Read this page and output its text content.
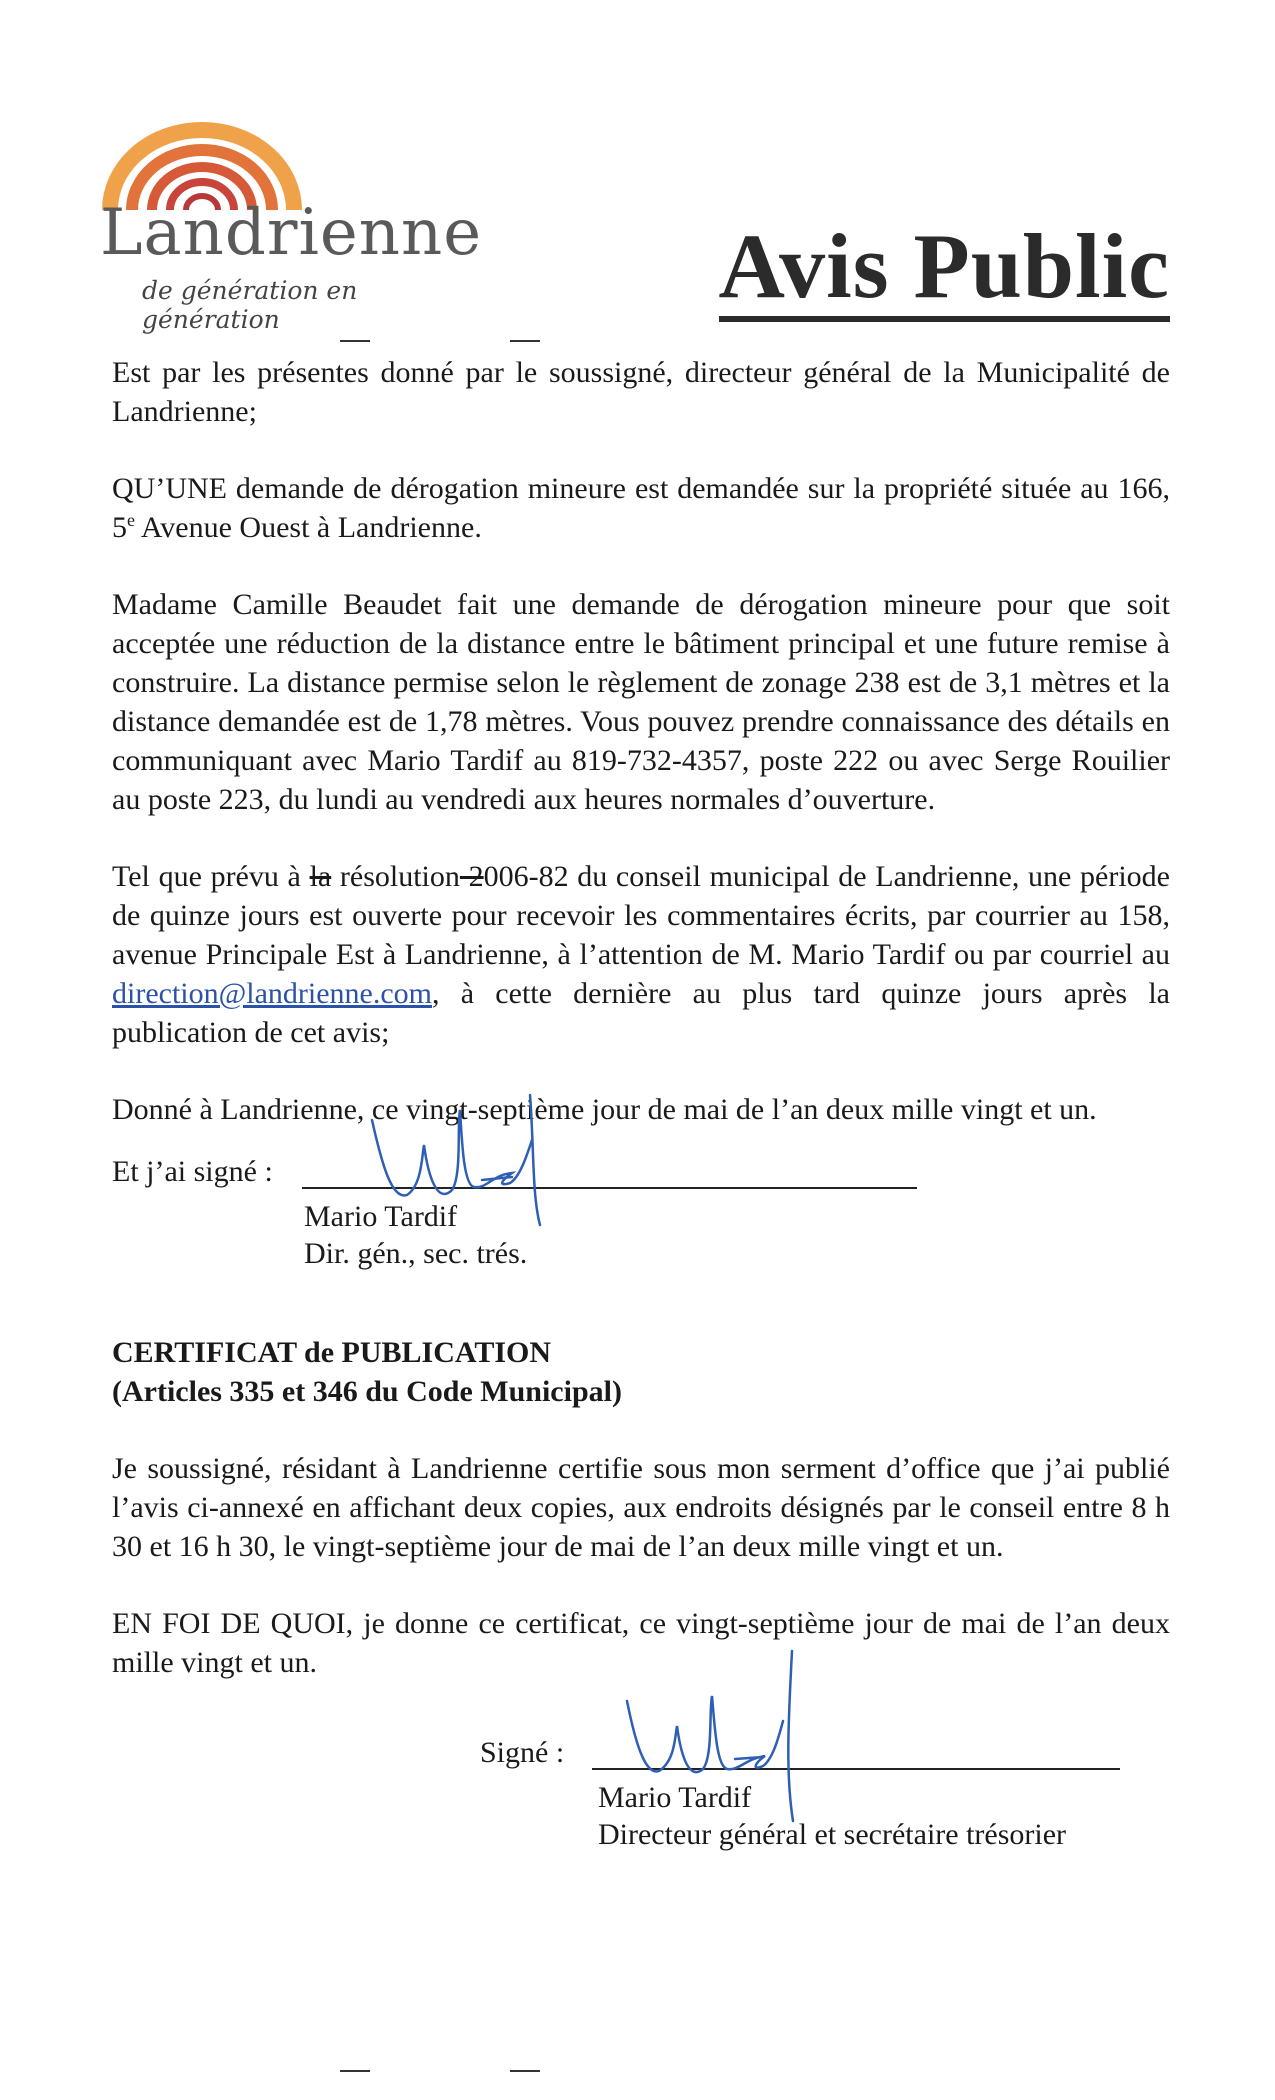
Landrienne
de génération en génération
Avis Public

Est par les présentes donné par le soussigné, directeur général de la Municipalité de Landrienne;

QU’UNE demande de dérogation mineure est demandée sur la propriété située au 166, 5e Avenue Ouest à Landrienne.

Madame Camille Beaudet fait une demande de dérogation mineure pour que soit acceptée une réduction de la distance entre le bâtiment principal et une future remise à construire. La distance permise selon le règlement de zonage 238 est de 3,1 mètres et la distance demandée est de 1,78 mètres. Vous pouvez prendre connaissance des détails en communiquant avec Mario Tardif au 819-732-4357, poste 222 ou avec Serge Rouilier au poste 223, du lundi au vendredi aux heures normales d’ouverture.

Tel que prévu à la résolution 2006-82 du conseil municipal de Landrienne, une période de quinze jours est ouverte pour recevoir les commentaires écrits, par courrier au 158, avenue Principale Est à Landrienne, à l’attention de M. Mario Tardif ou par courriel au direction@landrienne.com, à cette dernière au plus tard quinze jours après la publication de cet avis;

Donné à Landrienne, ce vingt-septième jour de mai de l’an deux mille vingt et un.

Et j’ai signé :
Mario Tardif
Dir. gén., sec. trés.
CERTIFICAT de PUBLICATION
(Articles 335 et 346 du Code Municipal)

Je soussigné, résidant à Landrienne certifie sous mon serment d’office que j’ai publié l’avis ci-annexé en affichant deux copies, aux endroits désignés par le conseil entre 8 h 30 et 16 h 30, le vingt-septième jour de mai de l’an deux mille vingt et un.

EN FOI DE QUOI, je donne ce certificat, ce vingt-septième jour de mai de l’an deux mille vingt et un.

Signé :
Mario Tardif
Directeur général et secrétaire trésorier
